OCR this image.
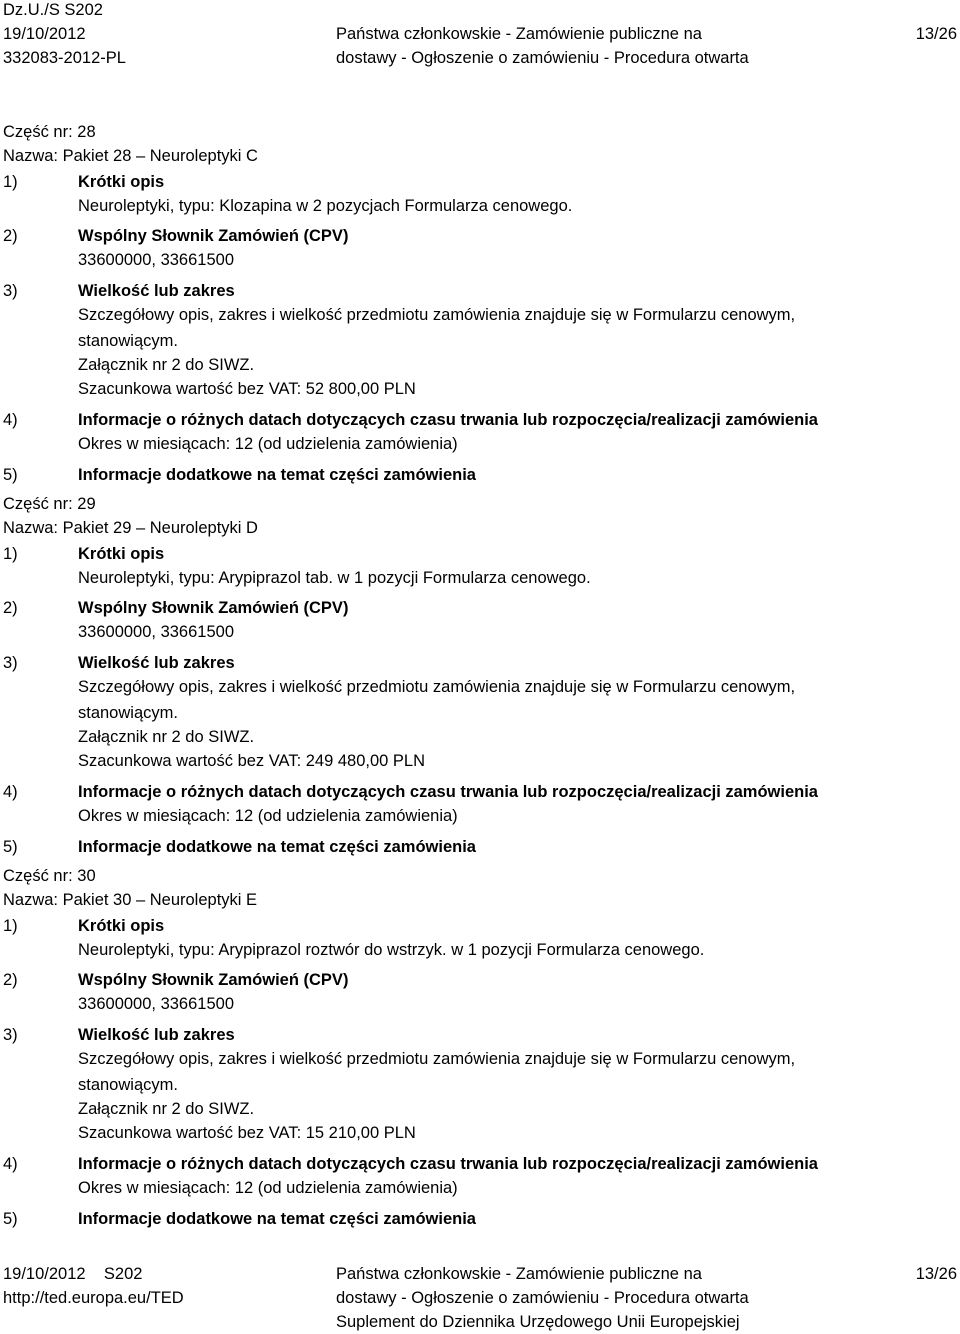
Dz.U./S S202
19/10/2012
332083-2012-PL
Państwa członkowskie - Zamówienie publiczne na
dostawy - Ogłoszenie o zamówieniu - Procedura otwarta
13/26
Część nr: 28
Nazwa: Pakiet 28 – Neuroleptyki C
1)	Krótki opis
Neuroleptyki, typu: Klozapina w 2 pozycjach Formularza cenowego.
2)	Wspólny Słownik Zamówień (CPV)
33600000, 33661500
3)	Wielkość lub zakres
Szczegółowy opis, zakres i wielkość przedmiotu zamówienia znajduje się w Formularzu cenowym,
stanowiącym.
Załącznik nr 2 do SIWZ.
Szacunkowa wartość bez VAT: 52 800,00 PLN
4)	Informacje o różnych datach dotyczących czasu trwania lub rozpoczęcia/realizacji zamówienia
Okres w miesiącach: 12 (od udzielenia zamówienia)
5)	Informacje dodatkowe na temat części zamówienia
Część nr: 29
Nazwa: Pakiet 29 – Neuroleptyki D
1)	Krótki opis
Neuroleptyki, typu: Arypiprazol tab. w 1 pozycji Formularza cenowego.
2)	Wspólny Słownik Zamówień (CPV)
33600000, 33661500
3)	Wielkość lub zakres
Szczegółowy opis, zakres i wielkość przedmiotu zamówienia znajduje się w Formularzu cenowym,
stanowiącym.
Załącznik nr 2 do SIWZ.
Szacunkowa wartość bez VAT: 249 480,00 PLN
4)	Informacje o różnych datach dotyczących czasu trwania lub rozpoczęcia/realizacji zamówienia
Okres w miesiącach: 12 (od udzielenia zamówienia)
5)	Informacje dodatkowe na temat części zamówienia
Część nr: 30
Nazwa: Pakiet 30 – Neuroleptyki E
1)	Krótki opis
Neuroleptyki, typu: Arypiprazol roztwór do wstrzyk. w 1 pozycji Formularza cenowego.
2)	Wspólny Słownik Zamówień (CPV)
33600000, 33661500
3)	Wielkość lub zakres
Szczegółowy opis, zakres i wielkość przedmiotu zamówienia znajduje się w Formularzu cenowym,
stanowiącym.
Załącznik nr 2 do SIWZ.
Szacunkowa wartość bez VAT: 15 210,00 PLN
4)	Informacje o różnych datach dotyczących czasu trwania lub rozpoczęcia/realizacji zamówienia
Okres w miesiącach: 12 (od udzielenia zamówienia)
5)	Informacje dodatkowe na temat części zamówienia
19/10/2012    S202
http://ted.europa.eu/TED
Państwa członkowskie - Zamówienie publiczne na
dostawy - Ogłoszenie o zamówieniu - Procedura otwarta
Suplement do Dziennika Urzędowego Unii Europejskiej
13/26
